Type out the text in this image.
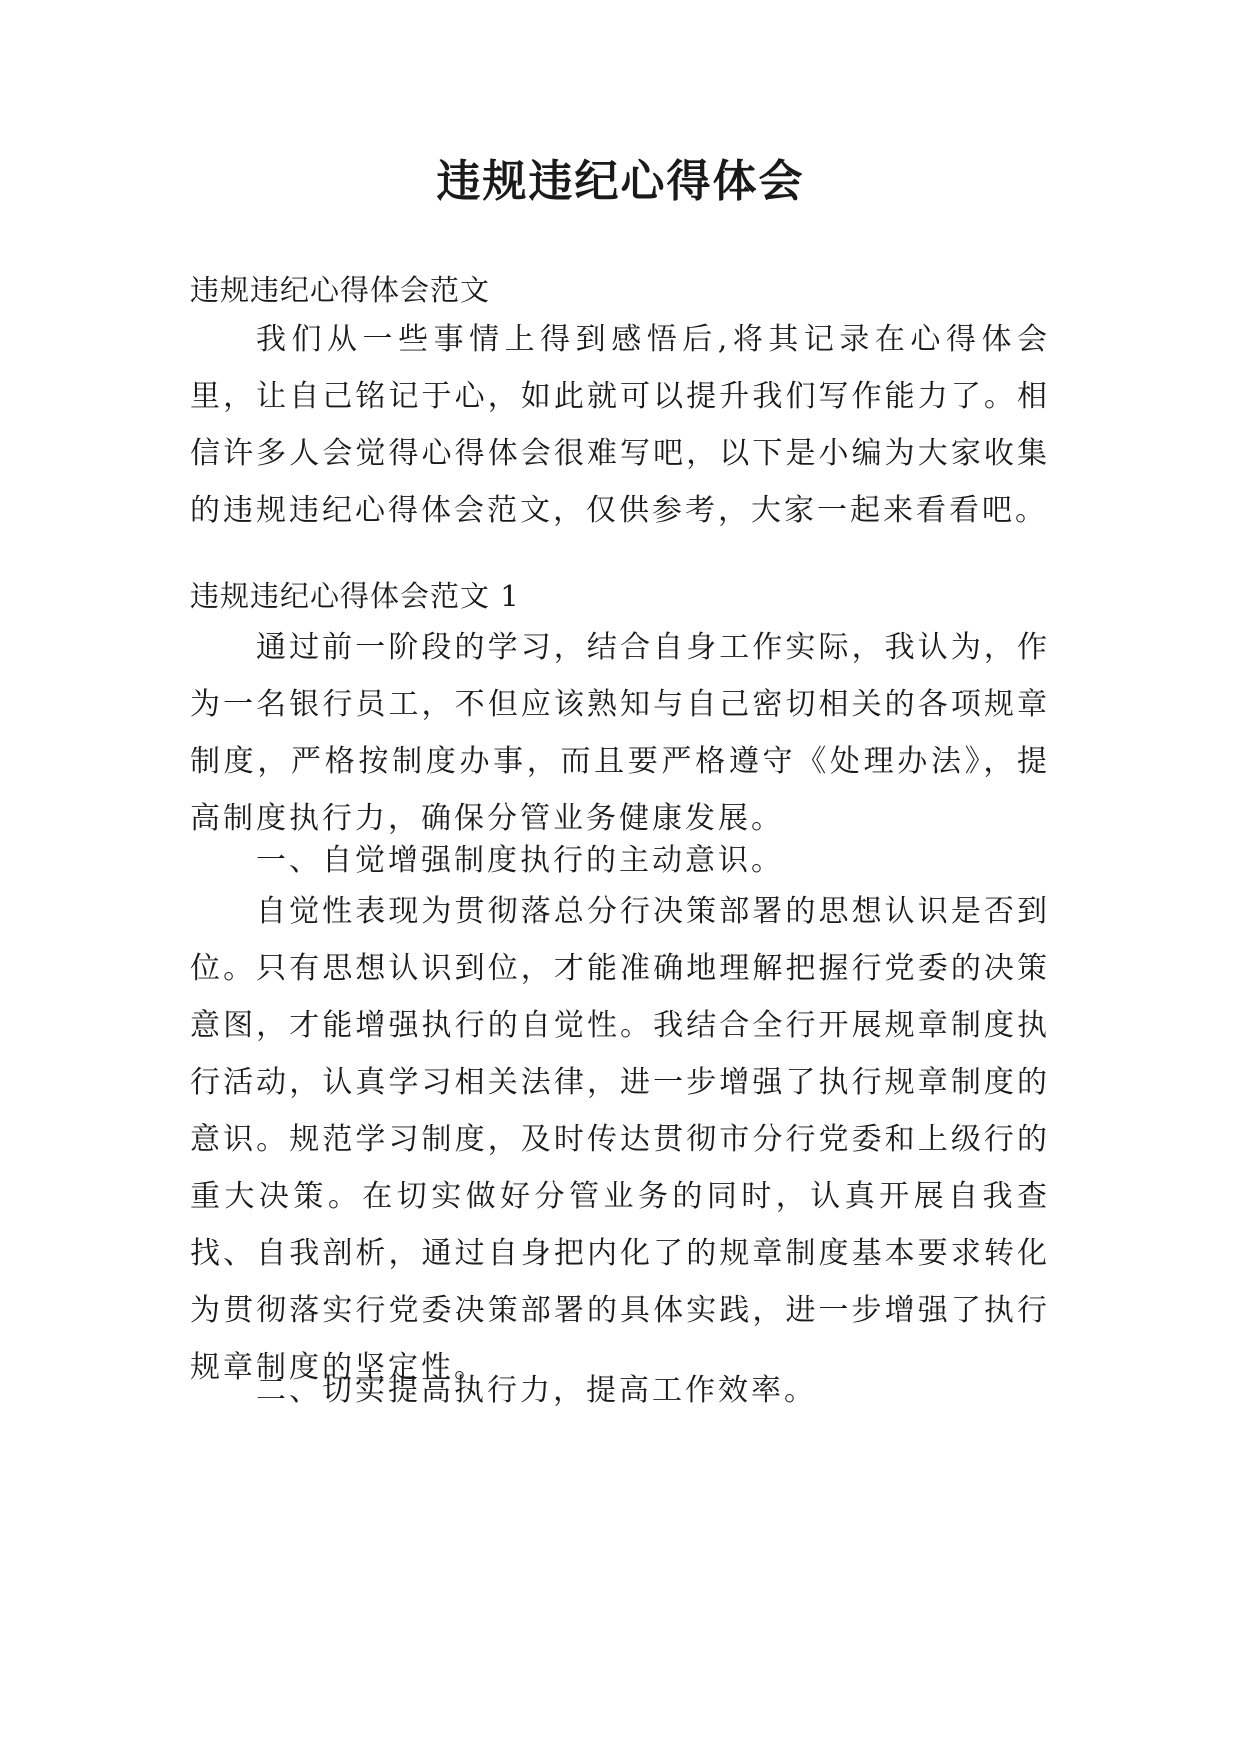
违规违纪心得体会

违规违纪心得体会范文

我们从一些事情上得到感悟后,将其记录在心得体会里，让自己铭记于心，如此就可以提升我们写作能力了。相信许多人会觉得心得体会很难写吧，以下是小编为大家收集的违规违纪心得体会范文，仅供参考，大家一起来看看吧。

违规违纪心得体会范文 1

通过前一阶段的学习，结合自身工作实际，我认为，作为一名银行员工，不但应该熟知与自己密切相关的各项规章制度，严格按制度办事，而且要严格遵守《处理办法》，提高制度执行力，确保分管业务健康发展。

一、自觉增强制度执行的主动意识。

自觉性表现为贯彻落总分行决策部署的思想认识是否到位。只有思想认识到位，才能准确地理解把握行党委的决策意图，才能增强执行的自觉性。我结合全行开展规章制度执行活动，认真学习相关法律，进一步增强了执行规章制度的意识。规范学习制度，及时传达贯彻市分行党委和上级行的重大决策。在切实做好分管业务的同时，认真开展自我查找、自我剖析，通过自身把内化了的规章制度基本要求转化为贯彻落实行党委决策部署的具体实践，进一步增强了执行规章制度的坚定性。

二、切实提高执行力，提高工作效率。
